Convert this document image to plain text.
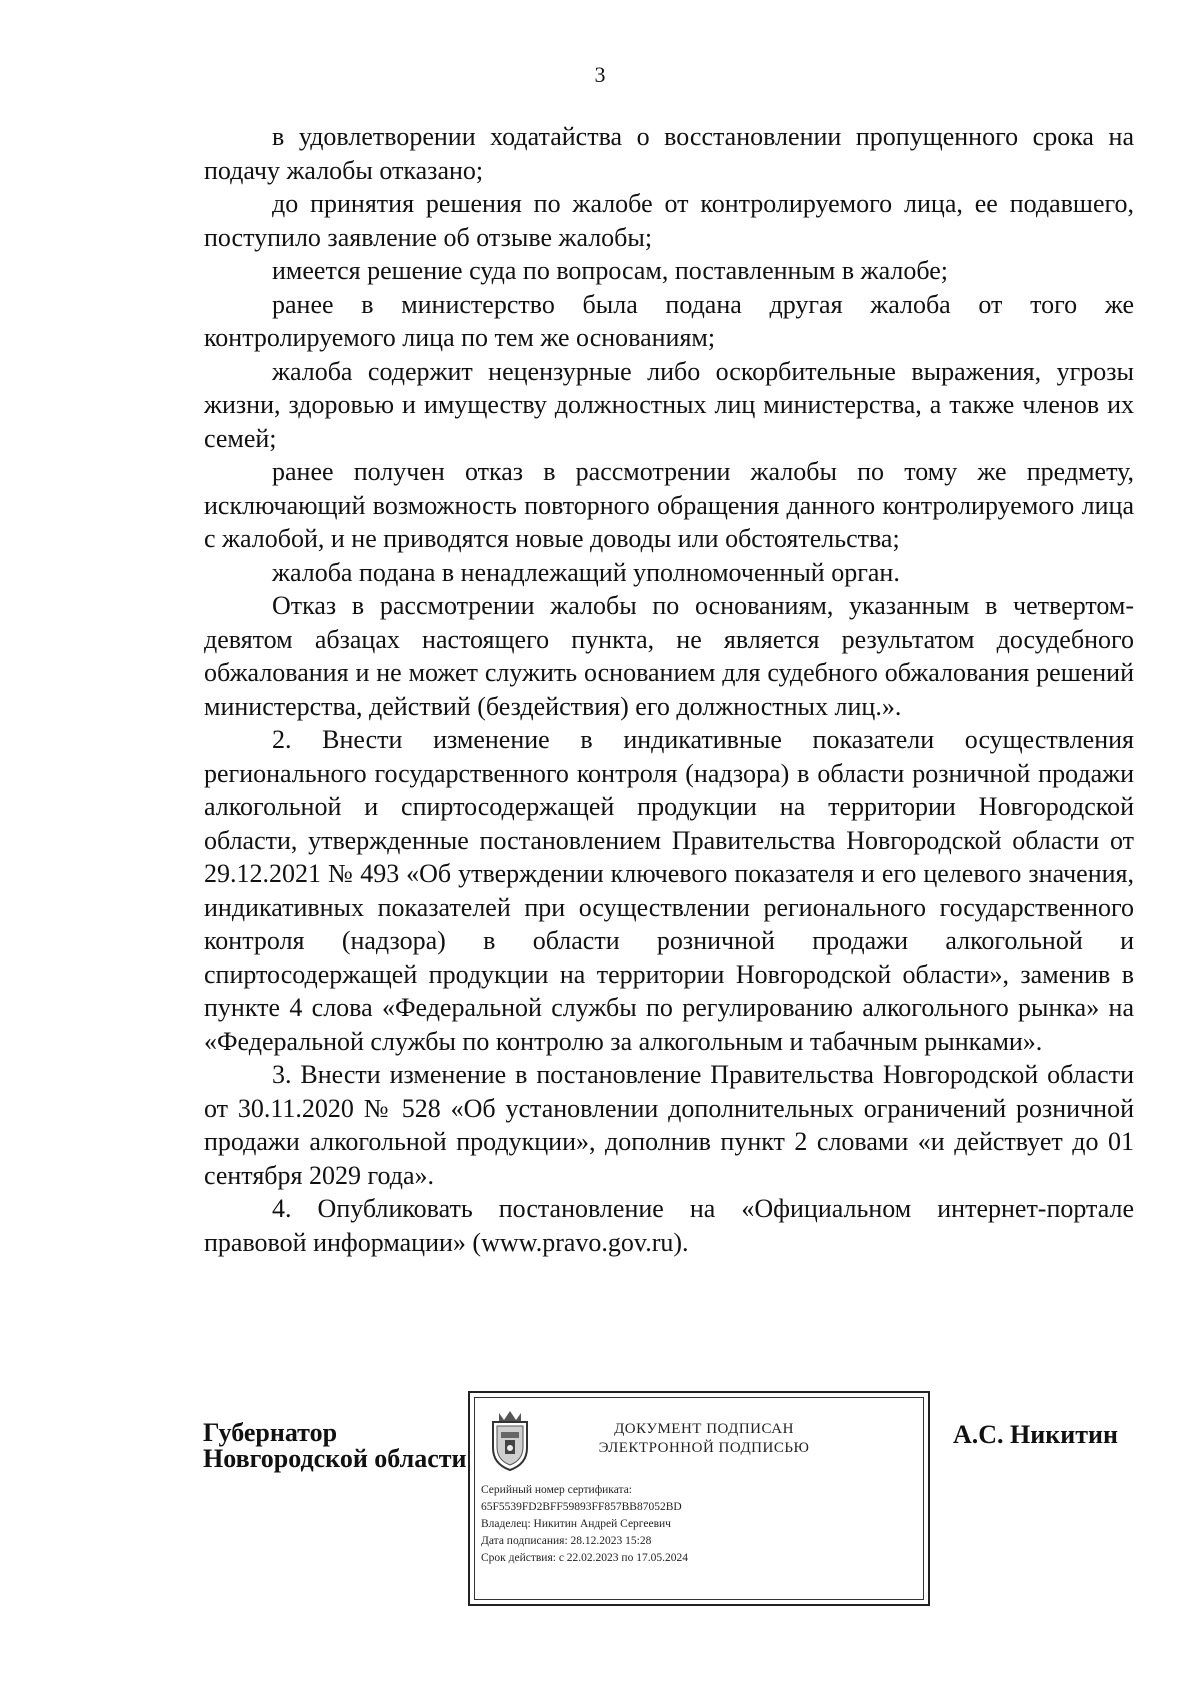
3

в удовлетворении ходатайства о восстановлении пропущенного срока на подачу жалобы отказано;

до принятия решения по жалобе от контролируемого лица, ее подавшего, поступило заявление об отзыве жалобы;

имеется решение суда по вопросам, поставленным в жалобе;

ранее в министерство была подана другая жалоба от того же контролируемого лица по тем же основаниям;

жалоба содержит нецензурные либо оскорбительные выражения, угрозы жизни, здоровью и имуществу должностных лиц министерства, а также членов их семей;

ранее получен отказ в рассмотрении жалобы по тому же предмету, исключающий возможность повторного обращения данного контролируемого лица с жалобой, и не приводятся новые доводы или обстоятельства;

жалоба подана в ненадлежащий уполномоченный орган.

Отказ в рассмотрении жалобы по основаниям, указанным в четвертом-девятом абзацах настоящего пункта, не является результатом досудебного обжалования и не может служить основанием для судебного обжалования решений министерства, действий (бездействия) его должностных лиц.».

2. Внести изменение в индикативные показатели осуществления регионального государственного контроля (надзора) в области розничной продажи алкогольной и спиртосодержащей продукции на территории Новгородской области, утвержденные постановлением Правительства Новгородской области от 29.12.2021 № 493 «Об утверждении ключевого показателя и его целевого значения, индикативных показателей при осуществлении регионального государственного контроля (надзора) в области розничной продажи алкогольной и спиртосодержащей продукции на территории Новгородской области», заменив в пункте 4 слова «Федеральной службы по регулированию алкогольного рынка» на «Федеральной службы по контролю за алкогольным и табачным рынками».

3. Внести изменение в постановление Правительства Новгородской области от 30.11.2020 № 528 «Об установлении дополнительных ограничений розничной продажи алкогольной продукции», дополнив пункт 2 словами «и действует до 01 сентября 2029 года».

4. Опубликовать постановление на «Официальном интернет-портале правовой информации» (www.pravo.gov.ru).

Губернатор
Новгородской области
ДОКУМЕНТ ПОДПИСАН
ЭЛЕКТРОННОЙ ПОДПИСЬЮ
Серийный номер сертификата:
65F5539FD2BFF59893FF857BB87052BD
Владелец: Никитин Андрей Сергеевич
Дата подписания: 28.12.2023 15:28
Срок действия: с 22.02.2023 по 17.05.2024
А.С. Никитин
